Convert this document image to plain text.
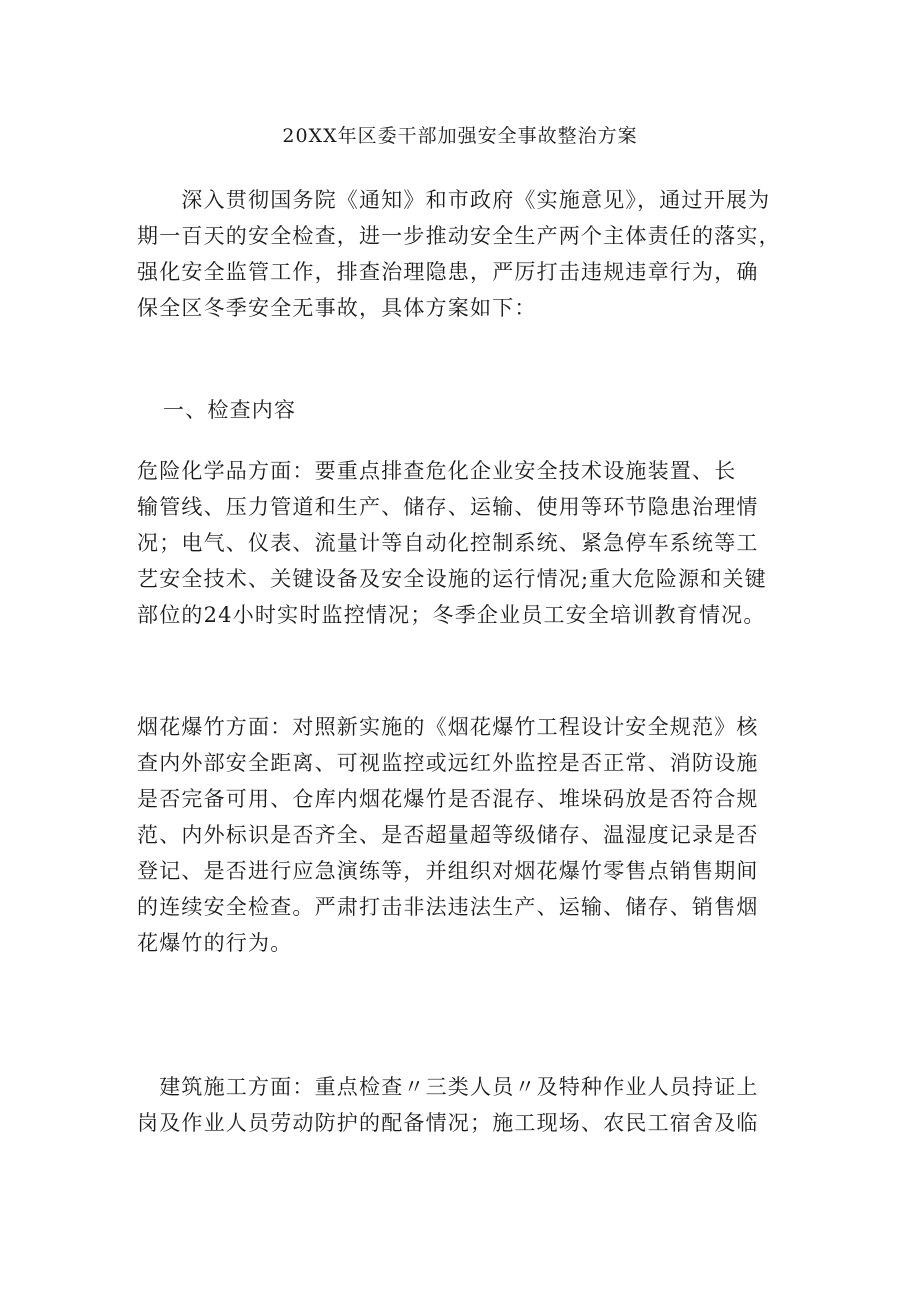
20XX年区委干部加强安全事故整治方案
　　深入贯彻国务院《通知》和市政府《实施意见》，通过开展为
期一百天的安全检查，进一步推动安全生产两个主体责任的落实，
强化安全监管工作，排查治理隐患，严厉打击违规违章行为，确
保全区冬季安全无事故，具体方案如下：
一、检查内容
危险化学品方面：要重点排查危化企业安全技术设施装置、长
输管线、压力管道和生产、储存、运输、使用等环节隐患治理情
况；电气、仪表、流量计等自动化控制系统、紧急停车系统等工
艺安全技术、关键设备及安全设施的运行情况;重大危险源和关键
部位的24小时实时监控情况；冬季企业员工安全培训教育情况。
烟花爆竹方面：对照新实施的《烟花爆竹工程设计安全规范》核
查内外部安全距离、可视监控或远红外监控是否正常、消防设施
是否完备可用、仓库内烟花爆竹是否混存、堆垛码放是否符合规
范、内外标识是否齐全、是否超量超等级储存、温湿度记录是否
登记、是否进行应急演练等，并组织对烟花爆竹零售点销售期间
的连续安全检查。严肃打击非法违法生产、运输、储存、销售烟
花爆竹的行为。
　建筑施工方面：重点检查〃三类人员〃及特种作业人员持证上
岗及作业人员劳动防护的配备情况；施工现场、农民工宿舍及临
